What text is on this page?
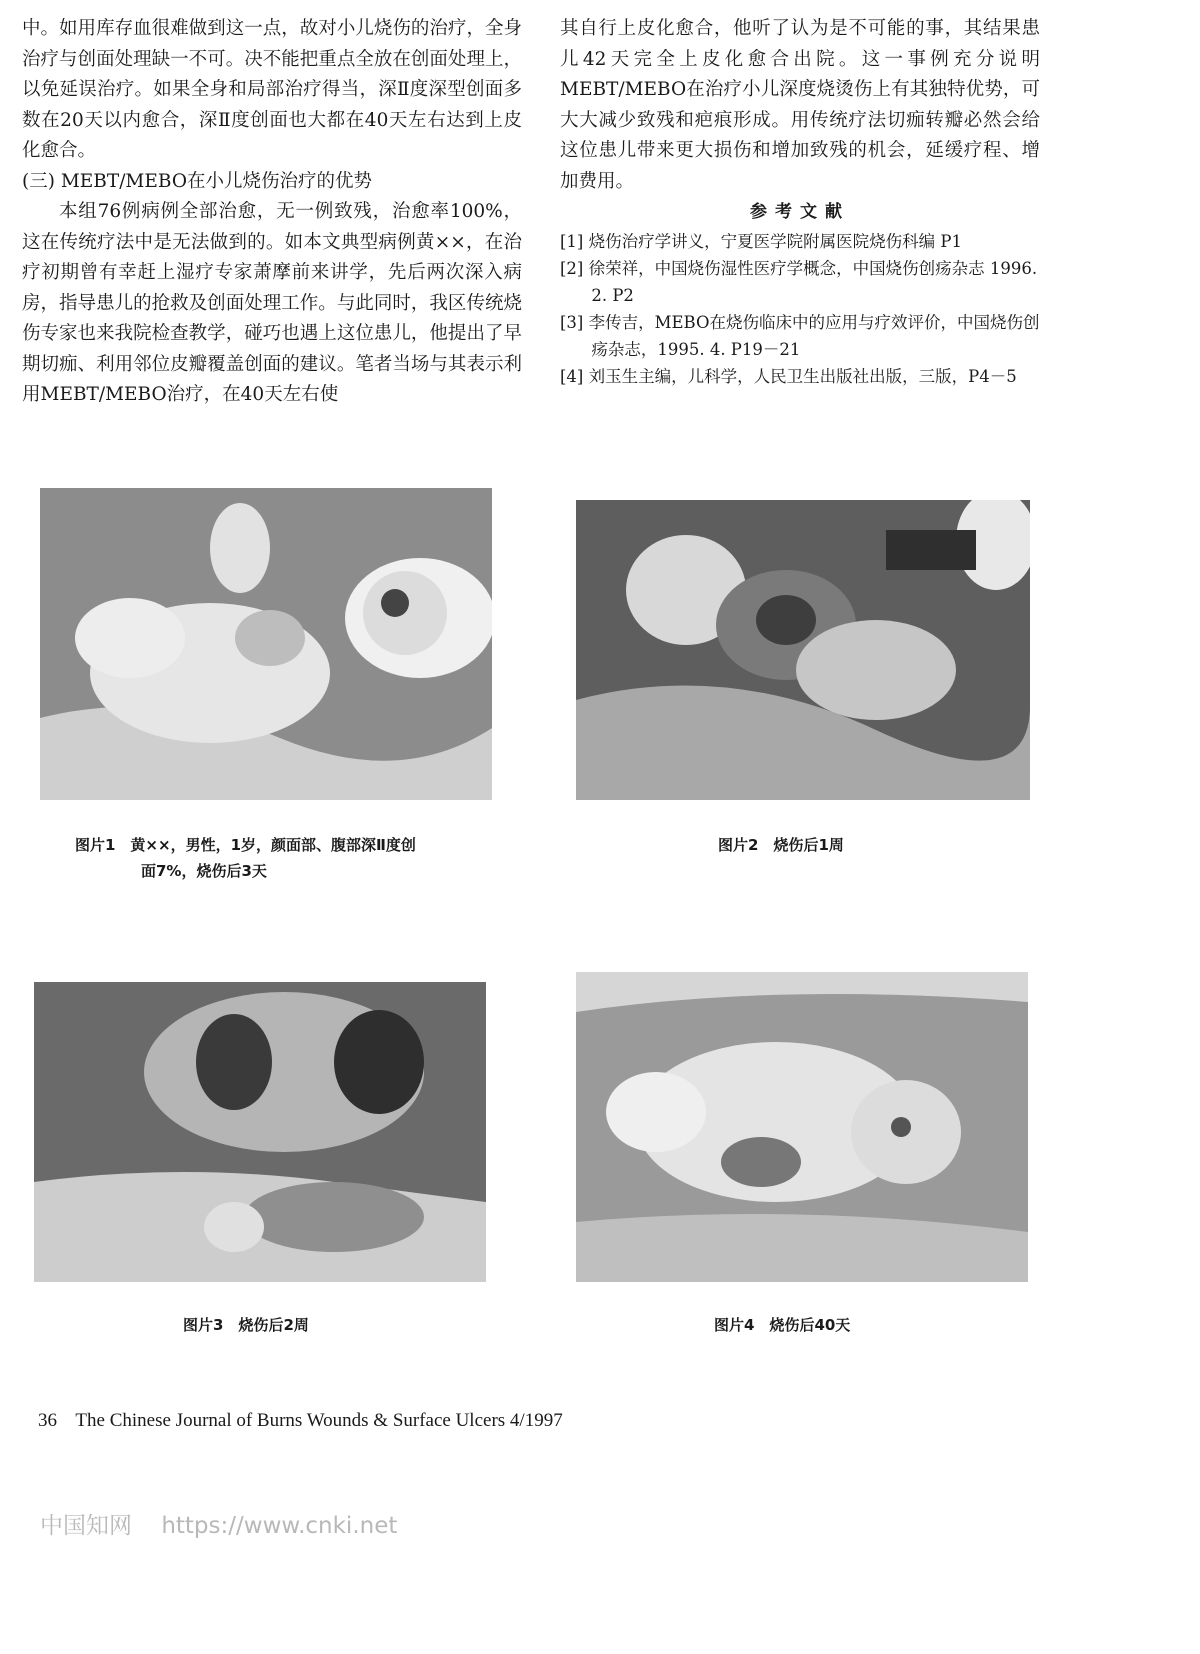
中。如用库存血很难做到这一点，故对小儿烧伤的治疗，全身治疗与创面处理缺一不可。决不能把重点全放在创面处理上，以免延误治疗。如果全身和局部治疗得当，深Ⅱ度深型创面多数在20天以内愈合，深Ⅱ度创面也大都在40天左右达到上皮化愈合。

(三) MEBT/MEBO在小儿烧伤治疗的优势

本组76例病例全部治愈，无一例致残，治愈率100%，这在传统疗法中是无法做到的。如本文典型病例黄××，在治疗初期曾有幸赶上湿疗专家萧摩前来讲学，先后两次深入病房，指导患儿的抢救及创面处理工作。与此同时，我区传统烧伤专家也来我院检查教学，碰巧也遇上这位患儿，他提出了早期切痂、利用邻位皮瓣覆盖创面的建议。笔者当场与其表示利用MEBT/MEBO治疗，在40天左右使

其自行上皮化愈合，他听了认为是不可能的事，其结果患儿42天完全上皮化愈合出院。这一事例充分说明MEBT/MEBO在治疗小儿深度烧烫伤上有其独特优势，可大大减少致残和疤痕形成。用传统疗法切痂转瓣必然会给这位患儿带来更大损伤和增加致残的机会，延缓疗程、增加费用。

参考文献

[1] 烧伤治疗学讲义，宁夏医学院附属医院烧伤科编 P1

[2] 徐荣祥，中国烧伤湿性医疗学概念，中国烧伤创疡杂志 1996. 2. P2

[3] 李传吉，MEBO在烧伤临床中的应用与疗效评价，中国烧伤创疡杂志，1995. 4. P19－21

[4] 刘玉生主编，儿科学，人民卫生出版社出版，三版，P4－5

图片1　黄××，男性，1岁，颜面部、腹部深Ⅱ度创
面7%，烧伤后3天
图片2　烧伤后1周
图片3　烧伤后2周	图片4　烧伤后40天
36 The Chinese Journal of Burns Wounds & Surface Ulcers 4/1997
中国知网 https://www.cnki.net
